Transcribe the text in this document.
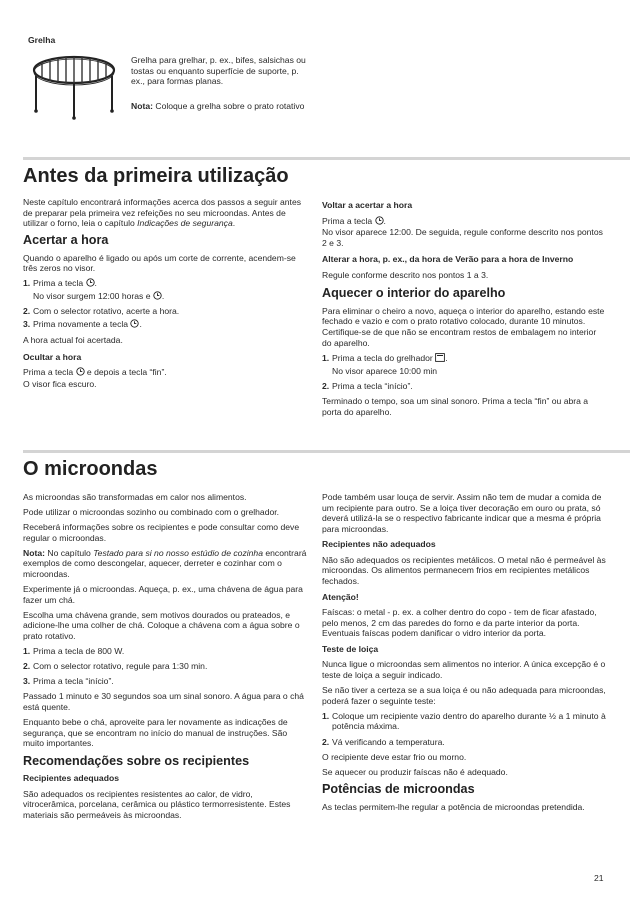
Grelha

Grelha para grelhar, p. ex., bifes, salsichas ou tostas ou enquanto superfície de suporte, p. ex., para formas planas.

Nota: Coloque a grelha sobre o prato rotativo

Antes da primeira utilização

Neste capítulo encontrará informações acerca dos passos a seguir antes de preparar pela primeira vez refeições no seu microondas. Antes de utilizar o forno, leia o capítulo Indicações de segurança.

Acertar a hora

Quando o aparelho é ligado ou após um corte de corrente, acendem-se três zeros no visor.

1. Prima a tecla .

No visor surgem 12:00 horas e .

2. Com o selector rotativo, acerte a hora.

3. Prima novamente a tecla .

A hora actual foi acertada.

Ocultar a hora

Prima a tecla  e depois a tecla “fin”.
O visor fica escuro.

Voltar a acertar a hora

Prima a tecla .
No visor aparece 12:00. De seguida, regule conforme descrito nos pontos 2 e 3.

Alterar a hora, p. ex., da hora de Verão para a hora de Inverno

Regule conforme descrito nos pontos 1 a 3.

Aquecer o interior do aparelho

Para eliminar o cheiro a novo, aqueça o interior do aparelho, estando este fechado e vazio e com o prato rotativo colocado, durante 10 minutos. Certifique-se de que não se encontram restos de embalagem no interior do aparelho.

1. Prima a tecla do grelhador .

No visor aparece 10:00 min

2. Prima a tecla “início”.

Terminado o tempo, soa um sinal sonoro. Prima a tecla “fin” ou abra a porta do aparelho.

O microondas

As microondas são transformadas em calor nos alimentos.

Pode utilizar o microondas sozinho ou combinado com o grelhador.

Receberá informações sobre os recipientes e pode consultar como deve regular o microondas.

Nota: No capítulo Testado para si no nosso estúdio de cozinha encontrará exemplos de como descongelar, aquecer, derreter e cozinhar com o microondas.

Experimente já o microondas. Aqueça, p. ex., uma chávena de água para fazer um chá.

Escolha uma chávena grande, sem motivos dourados ou prateados, e adicione-lhe uma colher de chá. Coloque a chávena com a água sobre o prato rotativo.

1. Prima a tecla de 800 W.

2. Com o selector rotativo, regule para 1:30 min.

3. Prima a tecla “início”.

Passado 1 minuto e 30 segundos soa um sinal sonoro. A água para o chá está quente.

Enquanto bebe o chá, aproveite para ler novamente as indicações de segurança, que se encontram no início do manual de instruções. São muito importantes.

Recomendações sobre os recipientes

Recipientes adequados

São adequados os recipientes resistentes ao calor, de vidro, vitrocerâmica, porcelana, cerâmica ou plástico termorresistente. Estes materiais são permeáveis às microondas.

Pode também usar louça de servir. Assim não tem de mudar a comida de um recipiente para outro. Se a loiça tiver decoração em ouro ou prata, só deverá utilizá-la se o respectivo fabricante indicar que a mesma é própria para microondas.

Recipientes não adequados

Não são adequados os recipientes metálicos. O metal não é permeável às microondas. Os alimentos permanecem frios em recipientes metálicos fechados.

Atenção!

Faíscas: o metal - p. ex. a colher dentro do copo - tem de ficar afastado, pelo menos, 2 cm das paredes do forno e da parte interior da porta. Eventuais faíscas podem danificar o vidro interior da porta.

Teste de loiça

Nunca ligue o microondas sem alimentos no interior. A única excepção é o teste de loiça a seguir indicado.

Se não tiver a certeza se a sua loiça é ou não adequada para microondas, poderá fazer o seguinte teste:

1. Coloque um recipiente vazio dentro do aparelho durante ½ a 1 minuto à potência máxima.

2. Vá verificando a temperatura.

O recipiente deve estar frio ou morno.

Se aquecer ou produzir faíscas não é adequado.

Potências de microondas

As teclas permitem-lhe regular a potência de microondas pretendida.

21
